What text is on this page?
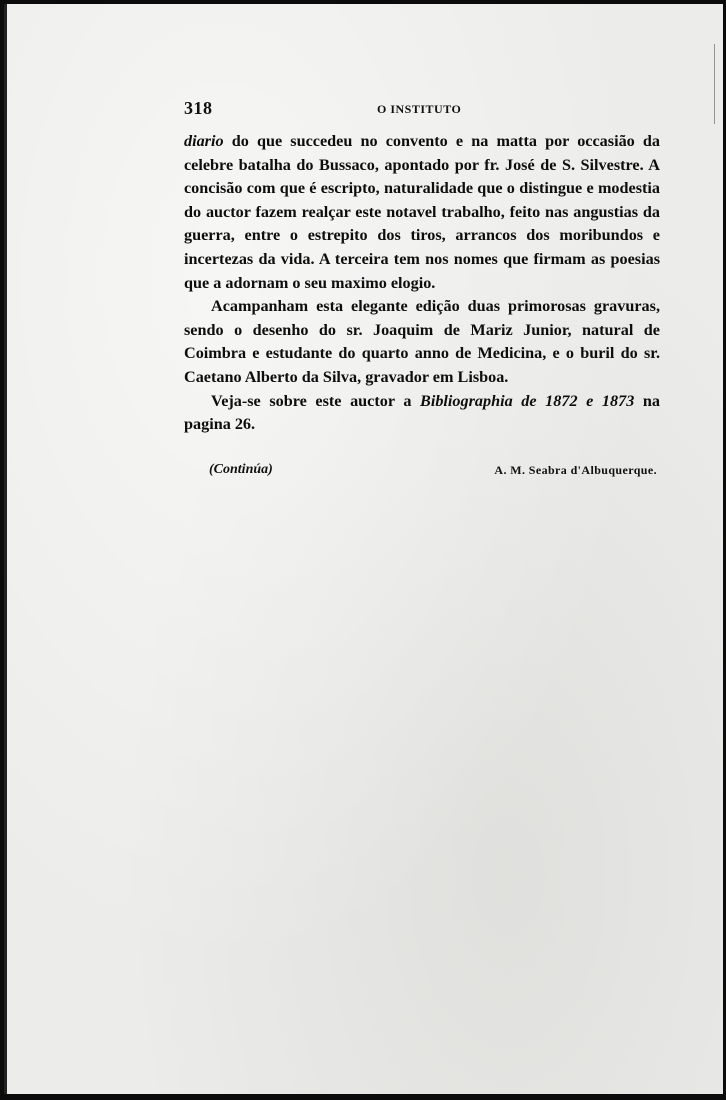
318	O INSTITUTO

diario do que succedeu no convento e na matta por occasião da celebre batalha do Bussaco, apontado por fr. José de S. Silvestre. A concisão com que é escripto, naturalidade que o distingue e modestia do auctor fazem realçar este notavel trabalho, feito nas angustias da guerra, entre o estrepito dos tiros, arrancos dos moribundos e incertezas da vida. A terceira tem nos nomes que firmam as poesias que a adornam o seu maximo elogio.

Acampanham esta elegante edição duas primorosas gravuras, sendo o desenho do sr. Joaquim de Mariz Junior, natural de Coimbra e estudante do quarto anno de Medicina, e o buril do sr. Caetano Alberto da Silva, gravador em Lisboa.

Veja-se sobre este auctor a Bibliographia de 1872 e 1873 na pagina 26.

(Continúa)	A. M. Seabra d'Albuquerque.
